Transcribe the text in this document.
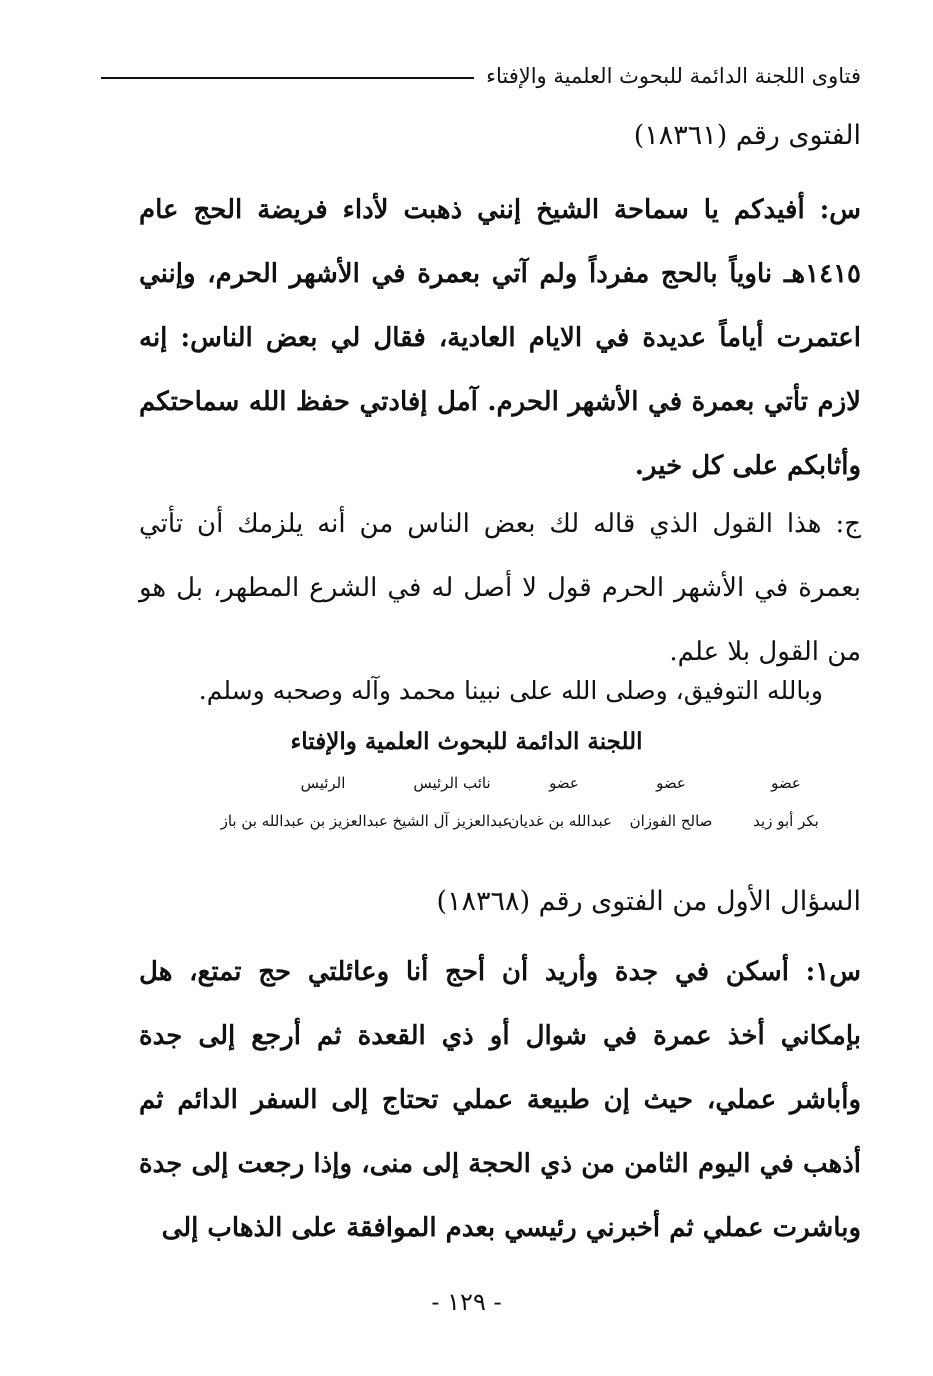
فتاوى اللجنة الدائمة للبحوث العلمية والإفتاء
الفتوى رقم (١٨٣٦١)
س: أفيدكم يا سماحة الشيخ إنني ذهبت لأداء فريضة الحج عام ١٤١٥هـ ناوياً بالحج مفرداً ولم آتي بعمرة في الأشهر الحرم، وإنني اعتمرت أياماً عديدة في الايام العادية، فقال لي بعض الناس: إنه لازم تأتي بعمرة في الأشهر الحرم. آمل إفادتي حفظ الله سماحتكم وأثابكم على كل خير.
ج: هذا القول الذي قاله لك بعض الناس من أنه يلزمك أن تأتي بعمرة في الأشهر الحرم قول لا أصل له في الشرع المطهر، بل هو من القول بلا علم.
وبالله التوفيق، وصلى الله على نبينا محمد وآله وصحبه وسلم.
اللجنة الدائمة للبحوث العلمية والإفتاء
عضو
عضو
عضو
نائب الرئيس
الرئيس
بكر أبو زيد
صالح الفوزان
عبدالله بن غديان
عبدالعزيز آل الشيخ
عبدالعزيز بن عبدالله بن باز
السؤال الأول من الفتوى رقم (١٨٣٦٨)
س١: أسكن في جدة وأريد أن أحج أنا وعائلتي حج تمتع، هل بإمكاني أخذ عمرة في شوال أو ذي القعدة ثم أرجع إلى جدة وأباشر عملي، حيث إن طبيعة عملي تحتاج إلى السفر الدائم ثم أذهب في اليوم الثامن من ذي الحجة إلى منى، وإذا رجعت إلى جدة وباشرت عملي ثم أخبرني رئيسي بعدم الموافقة على الذهاب إلى
- ١٢٩ -
